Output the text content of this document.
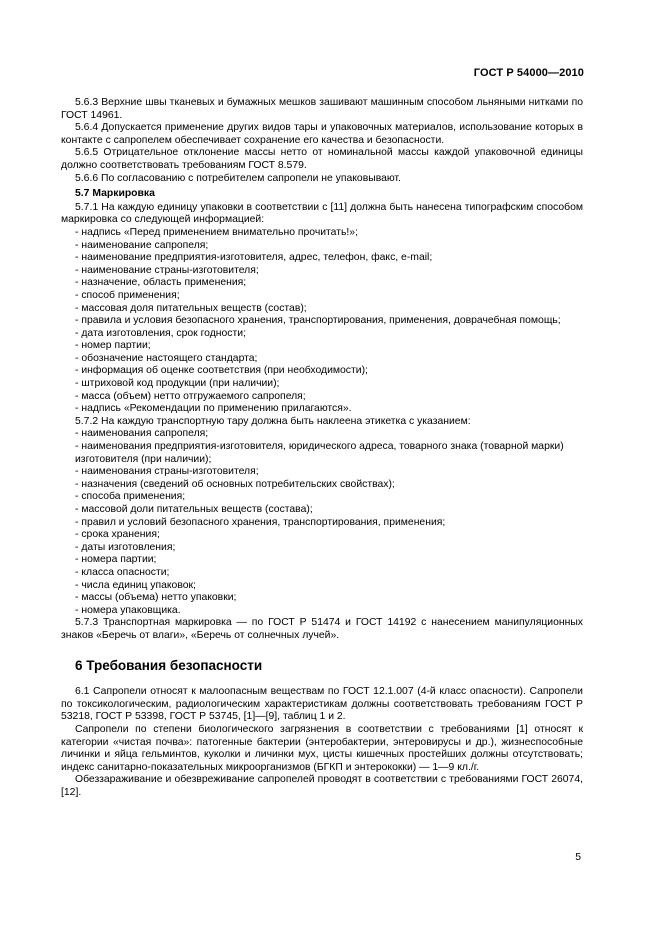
ГОСТ Р 54000—2010

5.6.3 Верхние швы тканевых и бумажных мешков зашивают машинным способом льняными нитками по ГОСТ 14961.

5.6.4 Допускается применение других видов тары и упаковочных материалов, использование которых в контакте с сапропелем обеспечивает сохранение его качества и безопасности.

5.6.5 Отрицательное отклонение массы нетто от номинальной массы каждой упаковочной единицы должно соответствовать требованиям ГОСТ 8.579.

5.6.6 По согласованию с потребителем сапропели не упаковывают.

5.7 Маркировка

5.7.1 На каждую единицу упаковки в соответствии с [11] должна быть нанесена типографским способом маркировка со следующей информацией:

- надпись «Перед применением внимательно прочитать!»;

- наименование сапропеля;

- наименование предприятия-изготовителя, адрес, телефон, факс, e-mail;

- наименование страны-изготовителя;

- назначение, область применения;

- способ применения;

- массовая доля питательных веществ (состав);

- правила и условия безопасного хранения, транспортирования, применения, доврачебная помощь;

- дата изготовления, срок годности;

- номер партии;

- обозначение настоящего стандарта;

- информация об оценке соответствия (при необходимости);

- штриховой код продукции (при наличии);

- масса (объем) нетто отгружаемого сапропеля;

- надпись «Рекомендации по применению прилагаются».

5.7.2 На каждую транспортную тару должна быть наклеена этикетка с указанием:

- наименования сапропеля;

- наименования предприятия-изготовителя, юридического адреса, товарного знака (товарной марки) изготовителя (при наличии);

- наименования страны-изготовителя;

- назначения (сведений об основных потребительских свойствах);

- способа применения;

- массовой доли питательных веществ (состава);

- правил и условий безопасного хранения, транспортирования, применения;

- срока хранения;

- даты изготовления;

- номера партии;

- класса опасности;

- числа единиц упаковок;

- массы (объема) нетто упаковки;

- номера упаковщика.

5.7.3 Транспортная маркировка — по ГОСТ Р 51474 и ГОСТ 14192 с нанесением манипуляционных знаков «Беречь от влаги», «Беречь от солнечных лучей».

6 Требования безопасности

6.1 Сапропели относят к малоопасным веществам по ГОСТ 12.1.007 (4-й класс опасности). Сапропели по токсикологическим, радиологическим характеристикам должны соответствовать требованиям ГОСТ Р 53218, ГОСТ Р 53398, ГОСТ Р 53745, [1]—[9], таблиц 1 и 2.

Сапропели по степени биологического загрязнения в соответствии с требованиями [1] относят к категории «чистая почва»: патогенные бактерии (энтеробактерии, энтеровирусы и др.), жизнеспособные личинки и яйца гельминтов, куколки и личинки мух, цисты кишечных простейших должны отсутствовать; индекс санитарно-показательных микроорганизмов (БГКП и энтерококки) — 1—9 кл./г.

Обеззараживание и обезвреживание сапропелей проводят в соответствии с требованиями ГОСТ 26074, [12].

5
